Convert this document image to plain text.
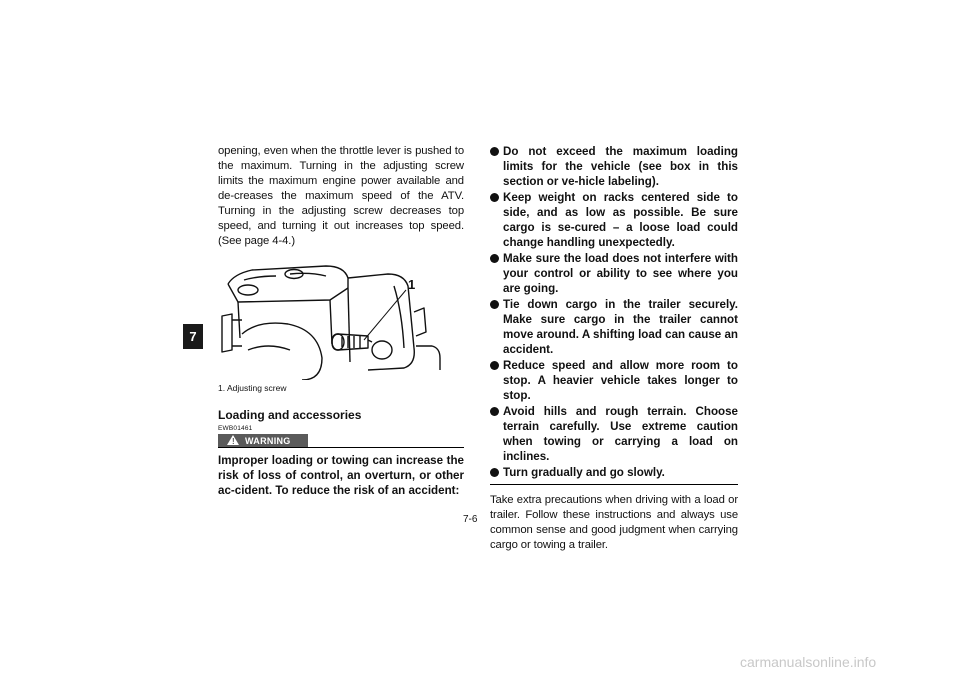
7

opening, even when the throttle lever is pushed to the maximum. Turning in the adjusting screw limits the maximum engine power available and de-creases the maximum speed of the ATV. Turning in the adjusting screw decreases top speed, and turning it out increases top speed. (See page 4-4.)

1
1. Adjusting screw
Loading and accessories
EWB01461
! WARNING

Improper loading or towing can increase the risk of loss of control, an overturn, or other ac-cident. To reduce the risk of an accident:

Do not exceed the maximum loading limits for the vehicle (see box in this section or ve-hicle labeling).
Keep weight on racks centered side to side, and as low as possible. Be sure cargo is se-cured – a loose load could change handling unexpectedly.
Make sure the load does not interfere with your control or ability to see where you are going.
Tie down cargo in the trailer securely. Make sure cargo in the trailer cannot move around. A shifting load can cause an accident.
Reduce speed and allow more room to stop. A heavier vehicle takes longer to stop.
Avoid hills and rough terrain. Choose terrain carefully. Use extreme caution when towing or carrying a load on inclines.
Turn gradually and go slowly.

Take extra precautions when driving with a load or trailer. Follow these instructions and always use common sense and good judgment when carrying cargo or towing a trailer.

7-6
carmanualsonline.info
